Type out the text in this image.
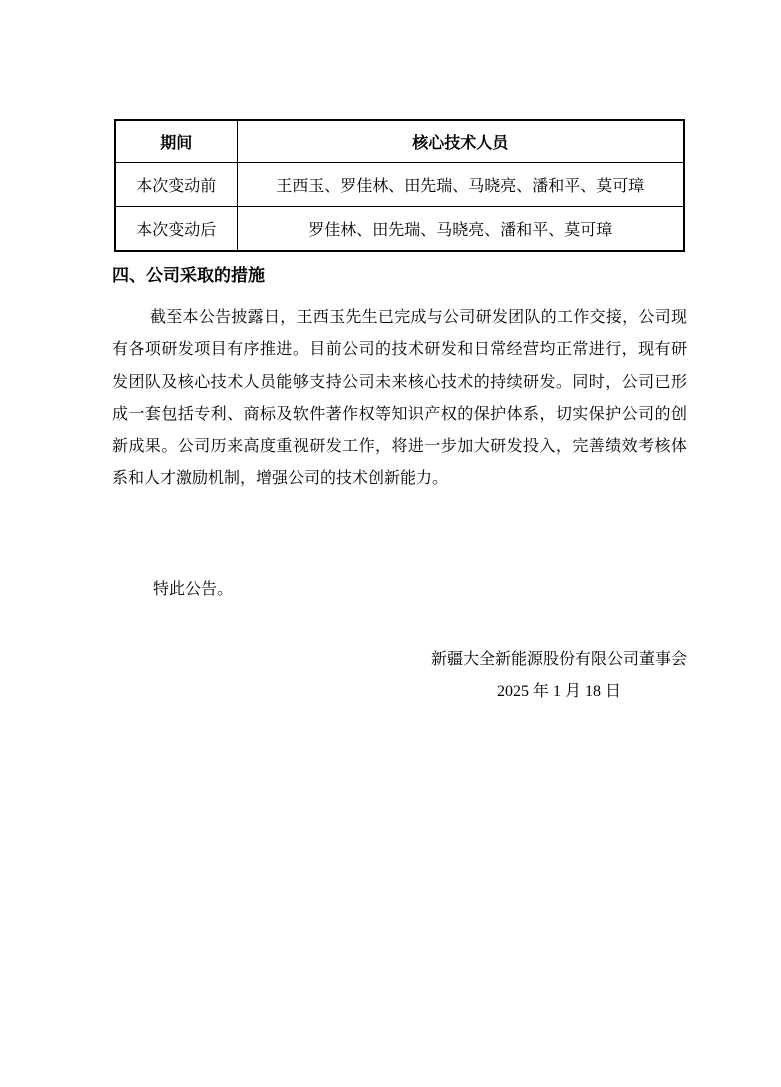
期间	核心技术人员
本次变动前	王西玉、罗佳林、田先瑞、马晓亮、潘和平、莫可璋
本次变动后	罗佳林、田先瑞、马晓亮、潘和平、莫可璋
四、公司采取的措施

截至本公告披露日，王西玉先生已完成与公司研发团队的工作交接，公司现有各项研发项目有序推进。目前公司的技术研发和日常经营均正常进行，现有研发团队及核心技术人员能够支持公司未来核心技术的持续研发。同时，公司已形成一套包括专利、商标及软件著作权等知识产权的保护体系，切实保护公司的创新成果。公司历来高度重视研发工作，将进一步加大研发投入，完善绩效考核体系和人才激励机制，增强公司的技术创新能力。

特此公告。

新疆大全新能源股份有限公司董事会

2025 年 1 月 18 日
